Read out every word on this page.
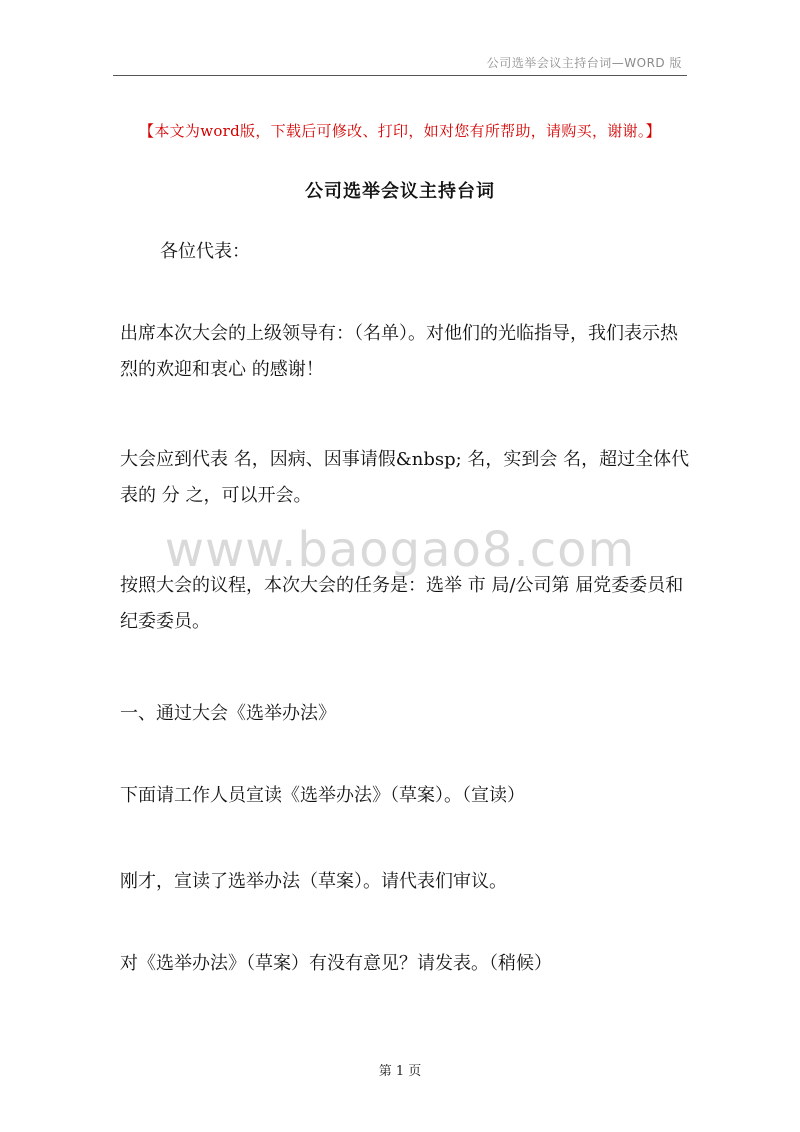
公司选举会议主持台词—WORD 版
【本文为word版，下载后可修改、打印，如对您有所帮助，请购买，谢谢。】
公司选举会议主持台词

各位代表：

出席本次大会的上级领导有：（名单）。对他们的光临指导，我们表示热烈的欢迎和衷心 的感谢！

大会应到代表 名，因病、因事请假&nbsp; 名，实到会 名，超过全体代表的 分 之，可以开会。

www.baogao8.com

按照大会的议程，本次大会的任务是：选举 市 局/公司第 届党委委员和纪委委员。

一、通过大会《选举办法》

下面请工作人员宣读《选举办法》（草案）。（宣读）

刚才，宣读了选举办法（草案）。请代表们审议。

对《选举办法》（草案）有没有意见？请发表。（稍候）

第 1 页
